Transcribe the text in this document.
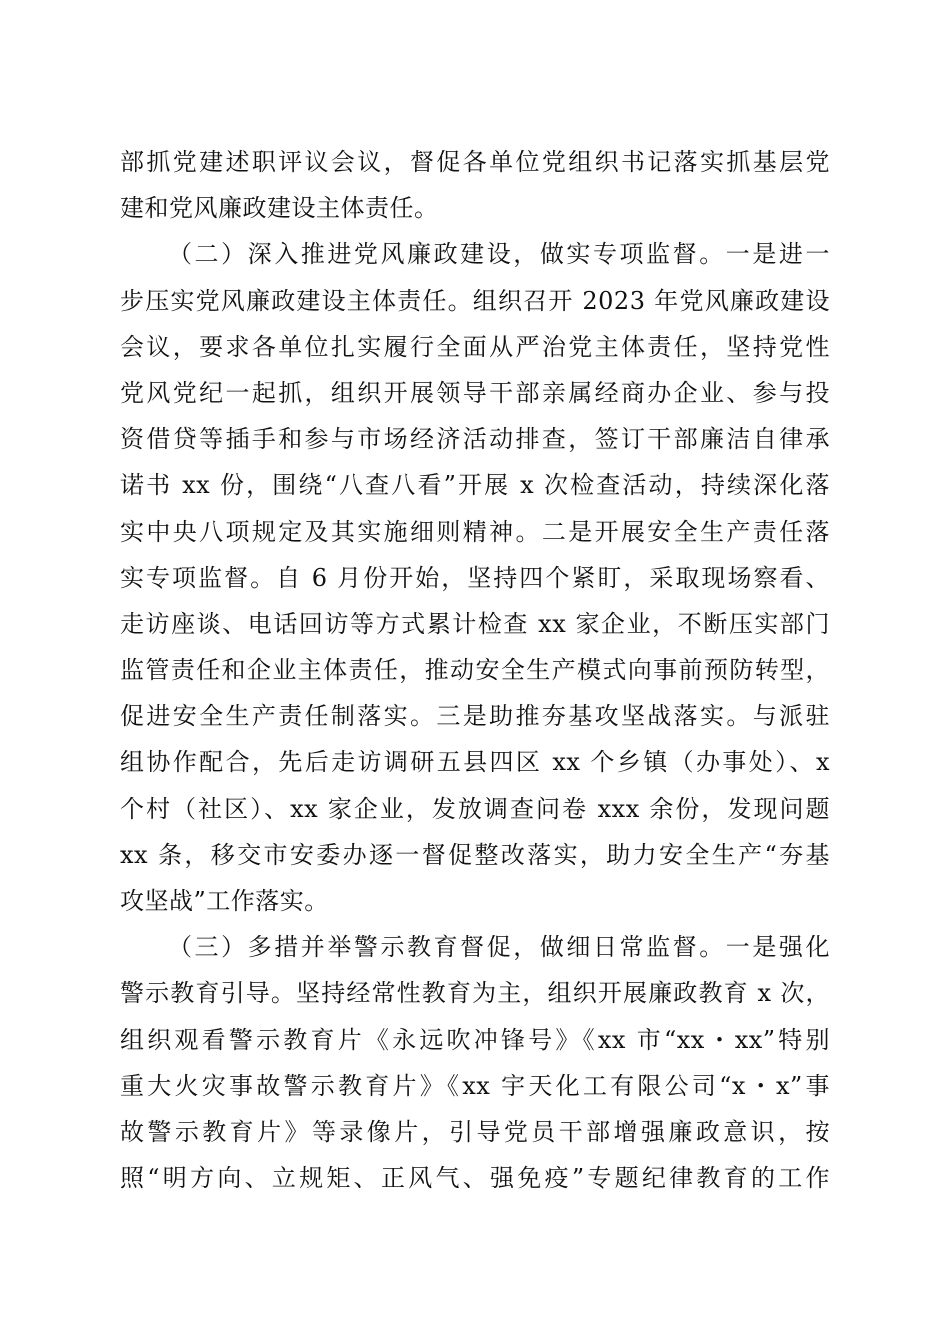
部抓党建述职评议会议，督促各单位党组织书记落实抓基层党
建和党风廉政建设主体责任。
（二）深入推进党风廉政建设，做实专项监督。一是进一
步压实党风廉政建设主体责任。组织召开 2023 年党风廉政建设
会议，要求各单位扎实履行全面从严治党主体责任，坚持党性
党风党纪一起抓，组织开展领导干部亲属经商办企业、参与投
资借贷等插手和参与市场经济活动排查，签订干部廉洁自律承
诺书 xx 份，围绕“八查八看”开展 x 次检查活动，持续深化落
实中央八项规定及其实施细则精神。二是开展安全生产责任落
实专项监督。自 6 月份开始，坚持四个紧盯，采取现场察看、
走访座谈、电话回访等方式累计检查 xx 家企业，不断压实部门
监管责任和企业主体责任，推动安全生产模式向事前预防转型，
促进安全生产责任制落实。三是助推夯基攻坚战落实。与派驻
组协作配合，先后走访调研五县四区 xx 个乡镇（办事处）、x
个村（社区）、xx 家企业，发放调查问卷 xxx 余份，发现问题
xx 条，移交市安委办逐一督促整改落实，助力安全生产“夯基
攻坚战”工作落实。
（三）多措并举警示教育督促，做细日常监督。一是强化
警示教育引导。坚持经常性教育为主，组织开展廉政教育 x 次，
组织观看警示教育片《永远吹冲锋号》《xx 市“xx・xx”特别
重大火灾事故警示教育片》《xx 宇天化工有限公司“x・x”事
故警示教育片》等录像片，引导党员干部增强廉政意识，按
照“明方向、立规矩、正风气、强免疫”专题纪律教育的工作
